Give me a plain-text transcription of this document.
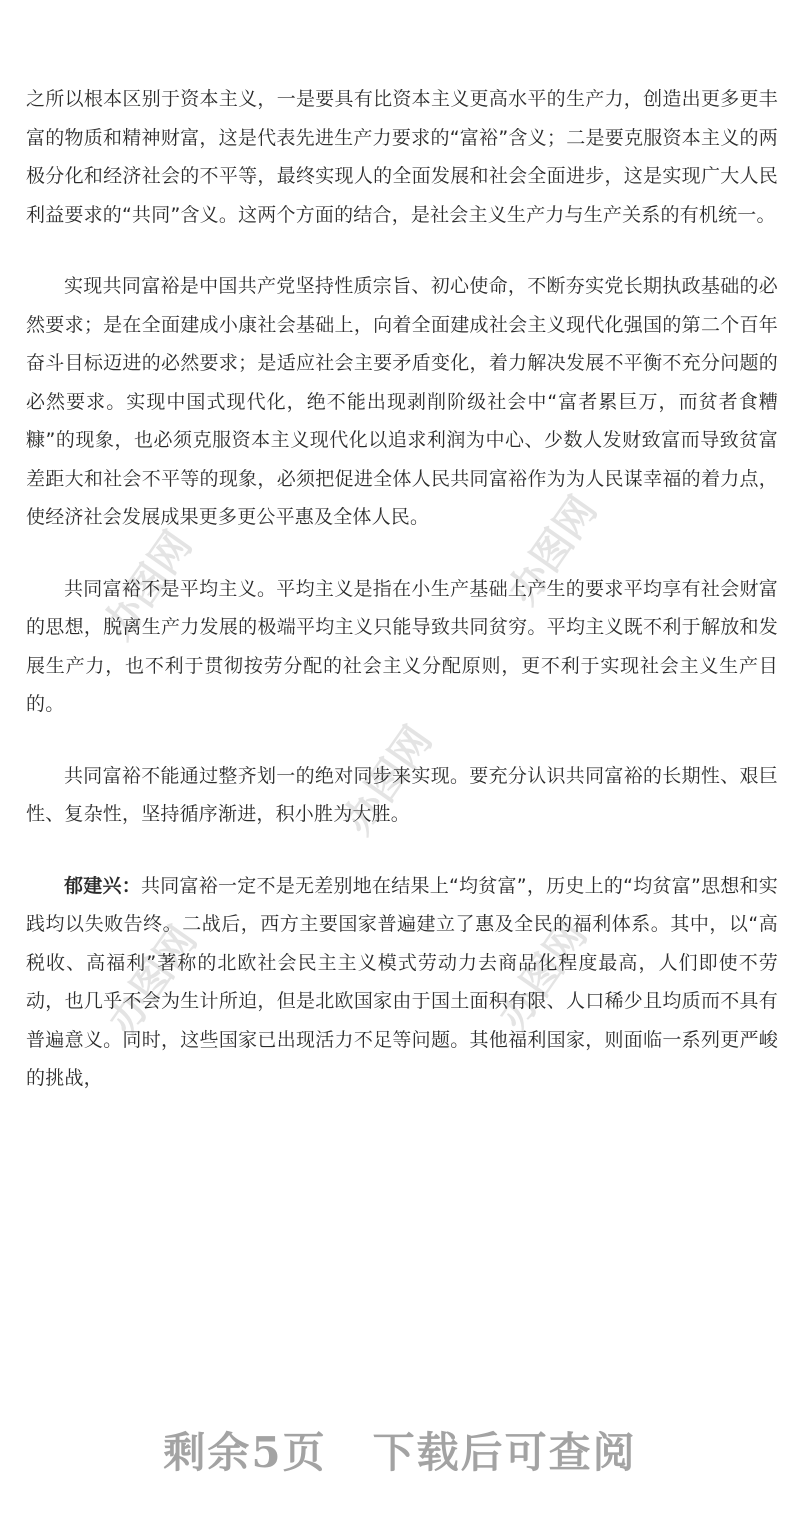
办图网	办图网
办图网
办图网	办图网

之所以根本区别于资本主义，一是要具有比资本主义更高水平的生产力，创造出更多更丰富的物质和精神财富，这是代表先进生产力要求的“富裕”含义；二是要克服资本主义的两极分化和经济社会的不平等，最终实现人的全面发展和社会全面进步，这是实现广大人民利益要求的“共同”含义。这两个方面的结合，是社会主义生产力与生产关系的有机统一。

实现共同富裕是中国共产党坚持性质宗旨、初心使命，不断夯实党长期执政基础的必然要求；是在全面建成小康社会基础上，向着全面建成社会主义现代化强国的第二个百年奋斗目标迈进的必然要求；是适应社会主要矛盾变化，着力解决发展不平衡不充分问题的必然要求。实现中国式现代化，绝不能出现剥削阶级社会中“富者累巨万，而贫者食糟糠”的现象，也必须克服资本主义现代化以追求利润为中心、少数人发财致富而导致贫富差距大和社会不平等的现象，必须把促进全体人民共同富裕作为为人民谋幸福的着力点，使经济社会发展成果更多更公平惠及全体人民。

共同富裕不是平均主义。平均主义是指在小生产基础上产生的要求平均享有社会财富的思想，脱离生产力发展的极端平均主义只能导致共同贫穷。平均主义既不利于解放和发展生产力，也不利于贯彻按劳分配的社会主义分配原则，更不利于实现社会主义生产目的。

共同富裕不能通过整齐划一的绝对同步来实现。要充分认识共同富裕的长期性、艰巨性、复杂性，坚持循序渐进，积小胜为大胜。

郁建兴：共同富裕一定不是无差别地在结果上“均贫富”，历史上的“均贫富”思想和实践均以失败告终。二战后，西方主要国家普遍建立了惠及全民的福利体系。其中，以“高税收、高福利”著称的北欧社会民主主义模式劳动力去商品化程度最高，人们即使不劳动，也几乎不会为生计所迫，但是北欧国家由于国土面积有限、人口稀少且均质而不具有普遍意义。同时，这些国家已出现活力不足等问题。其他福利国家，则面临一系列更严峻的挑战，

剩余5页 下载后可查阅
